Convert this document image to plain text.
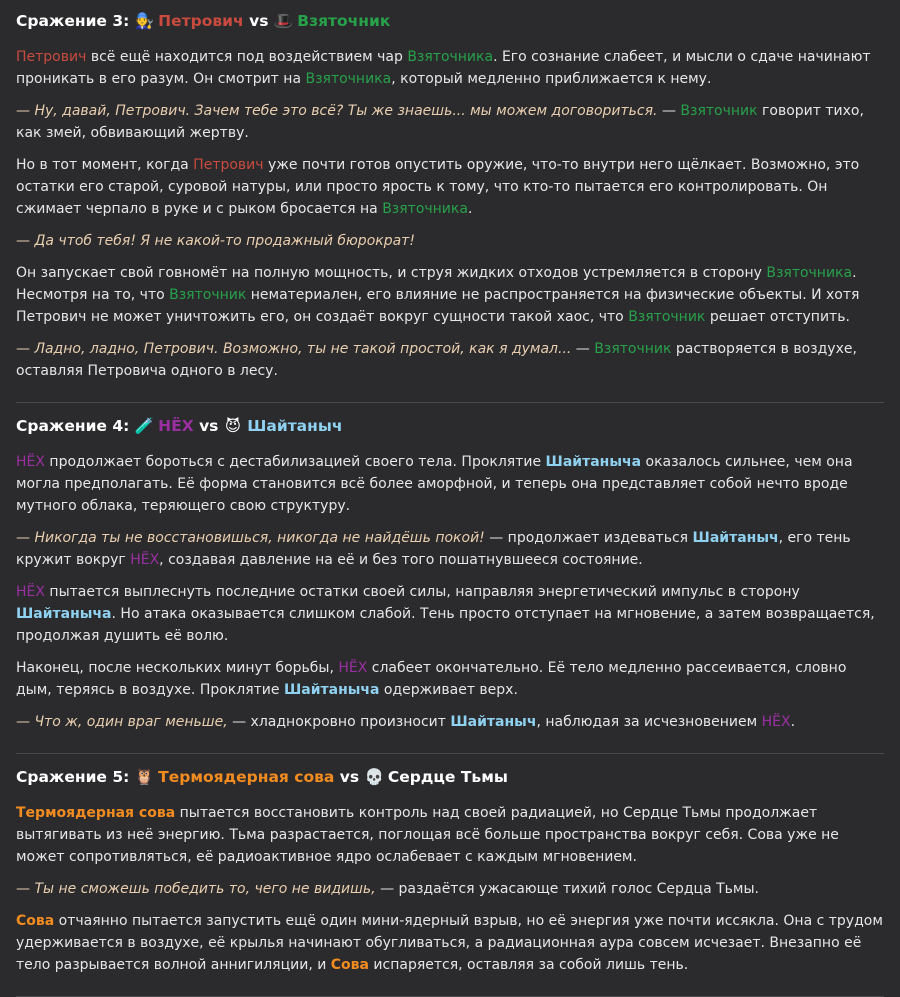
Сражение 3: 🧑‍🔧 Петрович vs 🎩 Взяточник

Петрович всё ещё находится под воздействием чар Взяточника. Его сознание слабеет, и мысли о сдаче начинают проникать в его разум. Он смотрит на Взяточника, который медленно приближается к нему.

— Ну, давай, Петрович. Зачем тебе это всё? Ты же знаешь... мы можем договориться. — Взяточник говорит тихо, как змей, обвивающий жертву.

Но в тот момент, когда Петрович уже почти готов опустить оружие, что-то внутри него щёлкает. Возможно, это остатки его старой, суровой натуры, или просто ярость к тому, что кто-то пытается его контролировать. Он сжимает черпало в руке и с рыком бросается на Взяточника.

— Да чтоб тебя! Я не какой-то продажный бюрократ!

Он запускает свой говномёт на полную мощность, и струя жидких отходов устремляется в сторону Взяточника. Несмотря на то, что Взяточник нематериален, его влияние не распространяется на физические объекты. И хотя Петрович не может уничтожить его, он создаёт вокруг сущности такой хаос, что Взяточник решает отступить.

— Ладно, ладно, Петрович. Возможно, ты не такой простой, как я думал... — Взяточник растворяется в воздухе, оставляя Петровича одного в лесу.

Сражение 4: 🧪 НЁХ vs 😈 Шайтаныч

НЁХ продолжает бороться с дестабилизацией своего тела. Проклятие Шайтаныча оказалось сильнее, чем она могла предполагать. Её форма становится всё более аморфной, и теперь она представляет собой нечто вроде мутного облака, теряющего свою структуру.

— Никогда ты не восстановишься, никогда не найдёшь покой! — продолжает издеваться Шайтаныч, его тень кружит вокруг НЁХ, создавая давление на её и без того пошатнувшееся состояние.

НЁХ пытается выплеснуть последние остатки своей силы, направляя энергетический импульс в сторону Шайтаныча. Но атака оказывается слишком слабой. Тень просто отступает на мгновение, а затем возвращается, продолжая душить её волю.

Наконец, после нескольких минут борьбы, НЁХ слабеет окончательно. Её тело медленно рассеивается, словно дым, теряясь в воздухе. Проклятие Шайтаныча одерживает верх.

— Что ж, один враг меньше, — хладнокровно произносит Шайтаныч, наблюдая за исчезновением НЁХ.

Сражение 5: 🦉 Термоядерная сова vs 💀 Сердце Тьмы

Термоядерная сова пытается восстановить контроль над своей радиацией, но Сердце Тьмы продолжает вытягивать из неё энергию. Тьма разрастается, поглощая всё больше пространства вокруг себя. Сова уже не может сопротивляться, её радиоактивное ядро ослабевает с каждым мгновением.

— Ты не сможешь победить то, чего не видишь, — раздаётся ужасающе тихий голос Сердца Тьмы.

Сова отчаянно пытается запустить ещё один мини-ядерный взрыв, но её энергия уже почти иссякла. Она с трудом удерживается в воздухе, её крылья начинают обугливаться, а радиационная аура совсем исчезает. Внезапно её тело разрывается волной аннигиляции, и Сова испаряется, оставляя за собой лишь тень.
